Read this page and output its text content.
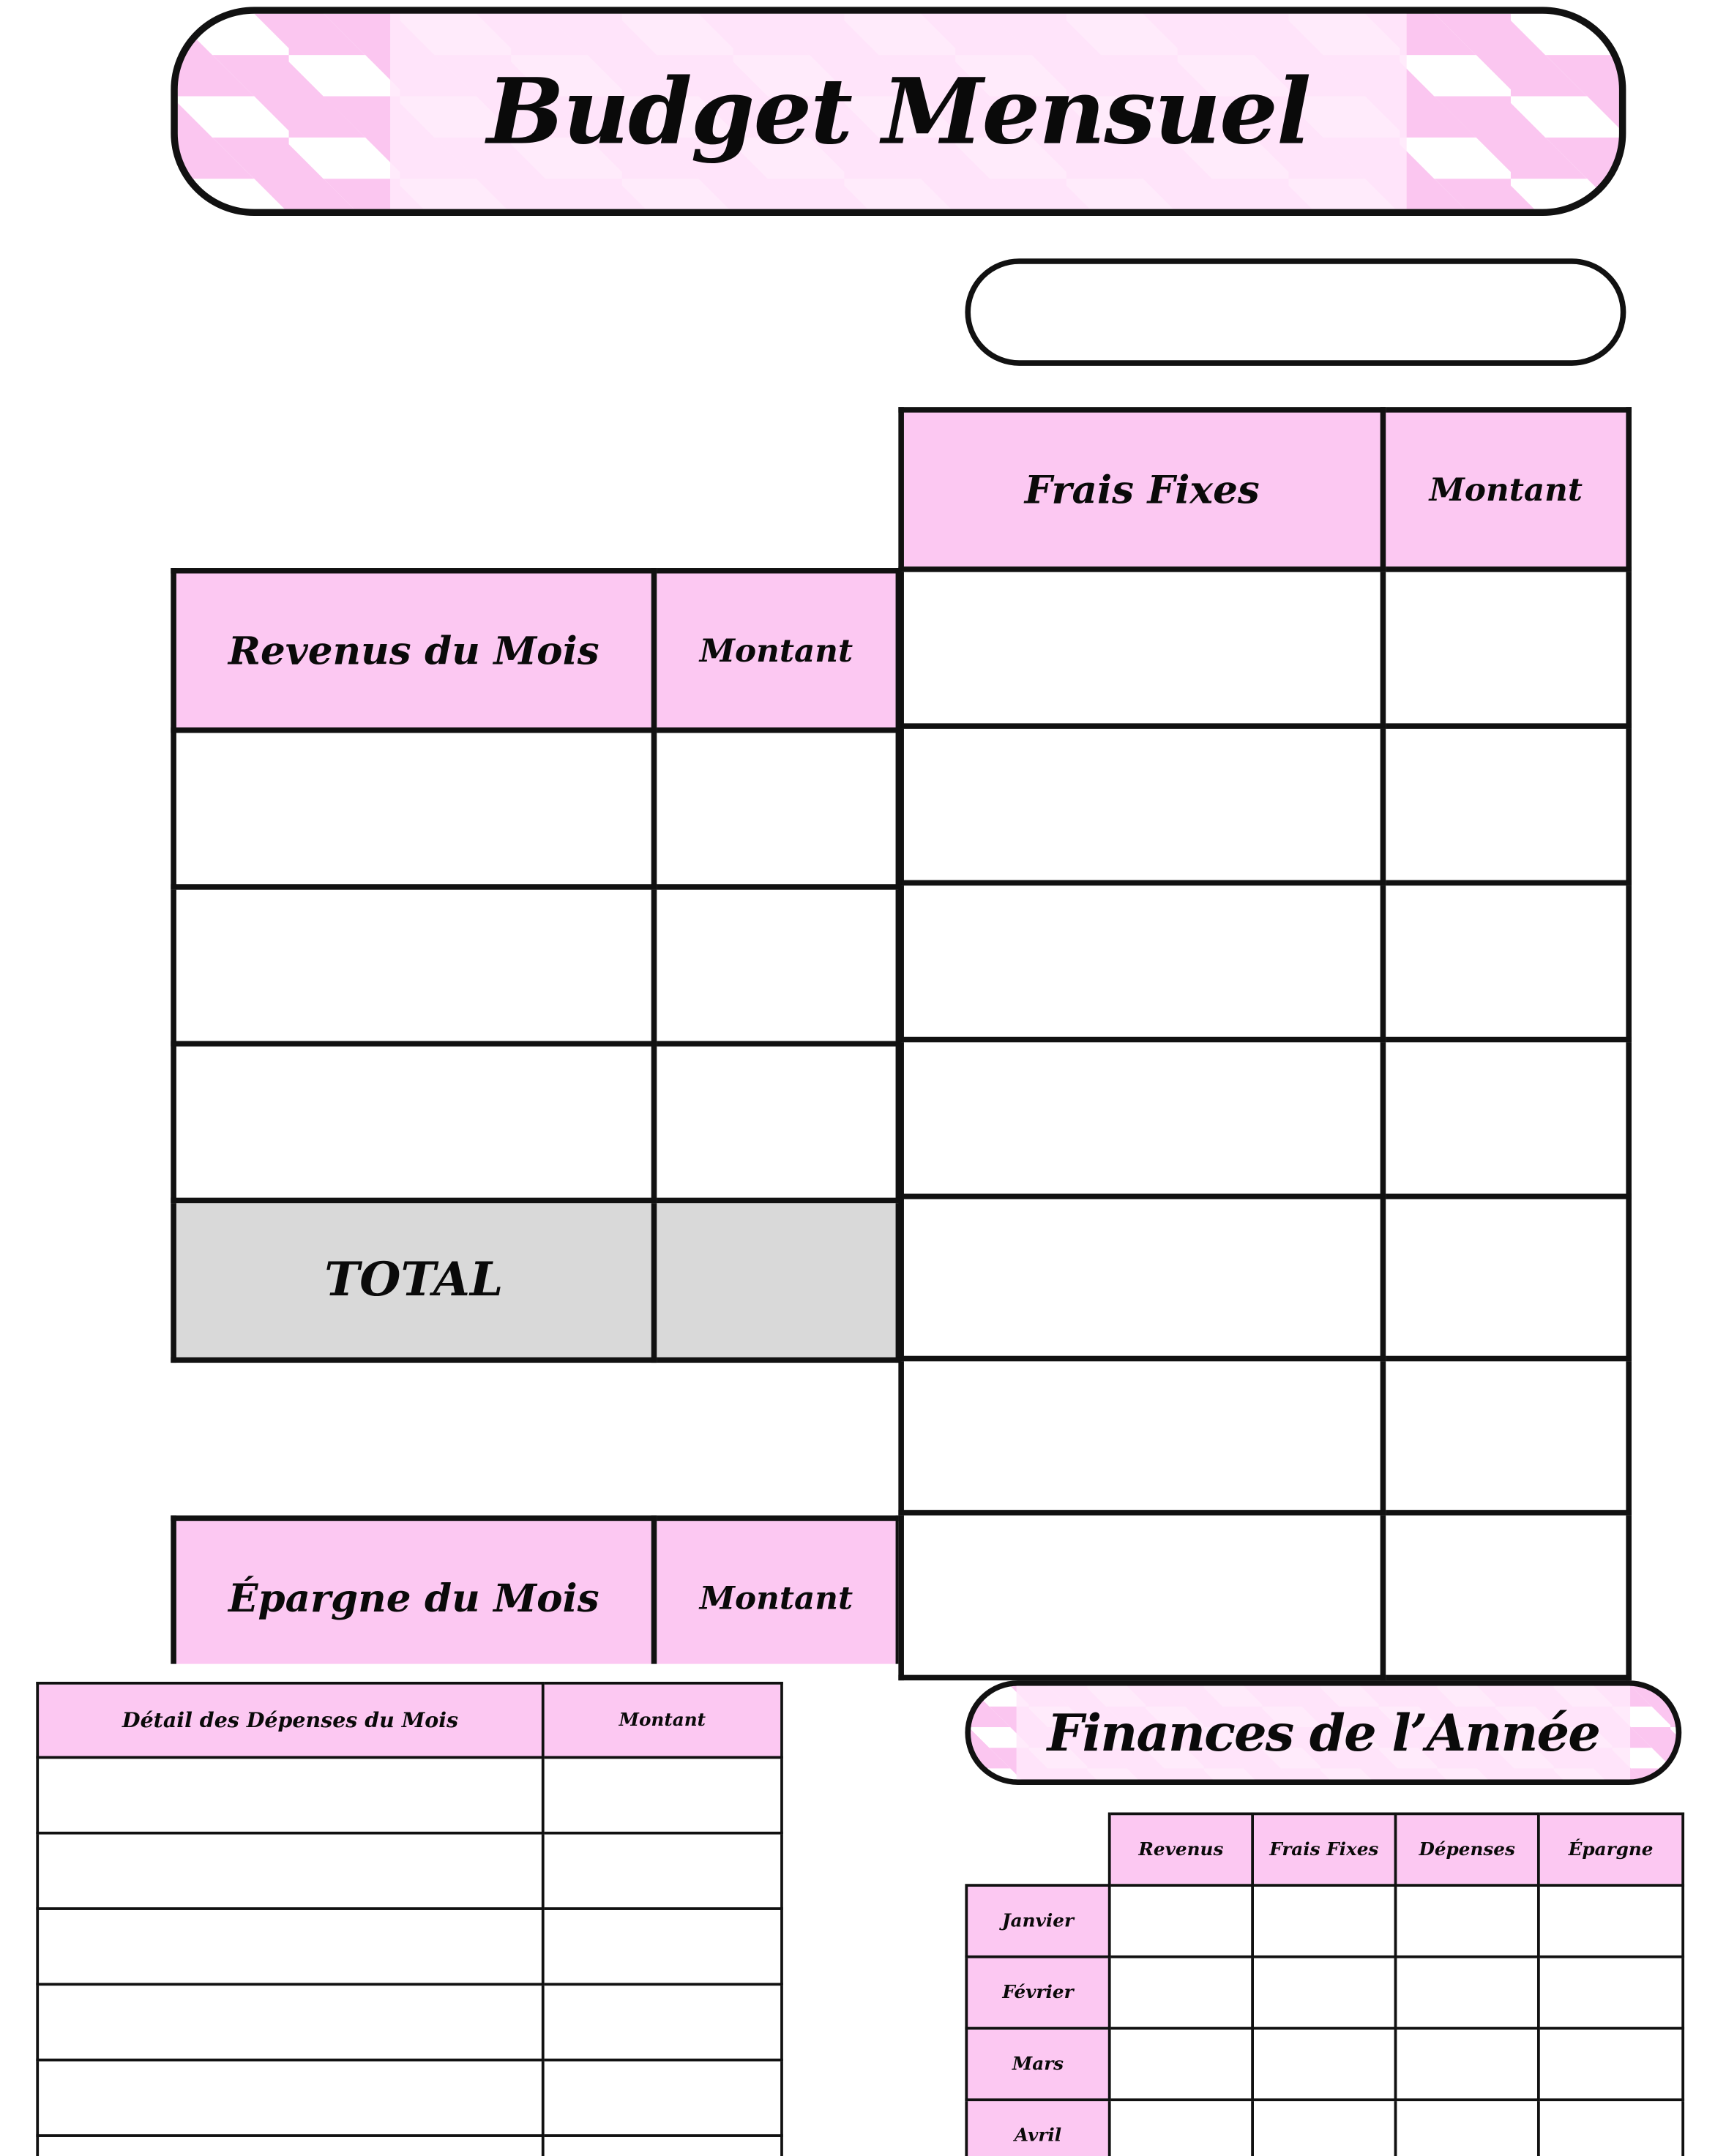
Budget Mensuel
Frais Fixes	Montant

Revenus du Mois	Montant

TOTAL	
Épargne du Mois	Montant
Détail des Dépenses du Mois	Montant

		Finances de l’Année
	Revenus	Frais Fixes	Dépenses	Épargne
Janvier				
Février				
Mars				
Avril				
